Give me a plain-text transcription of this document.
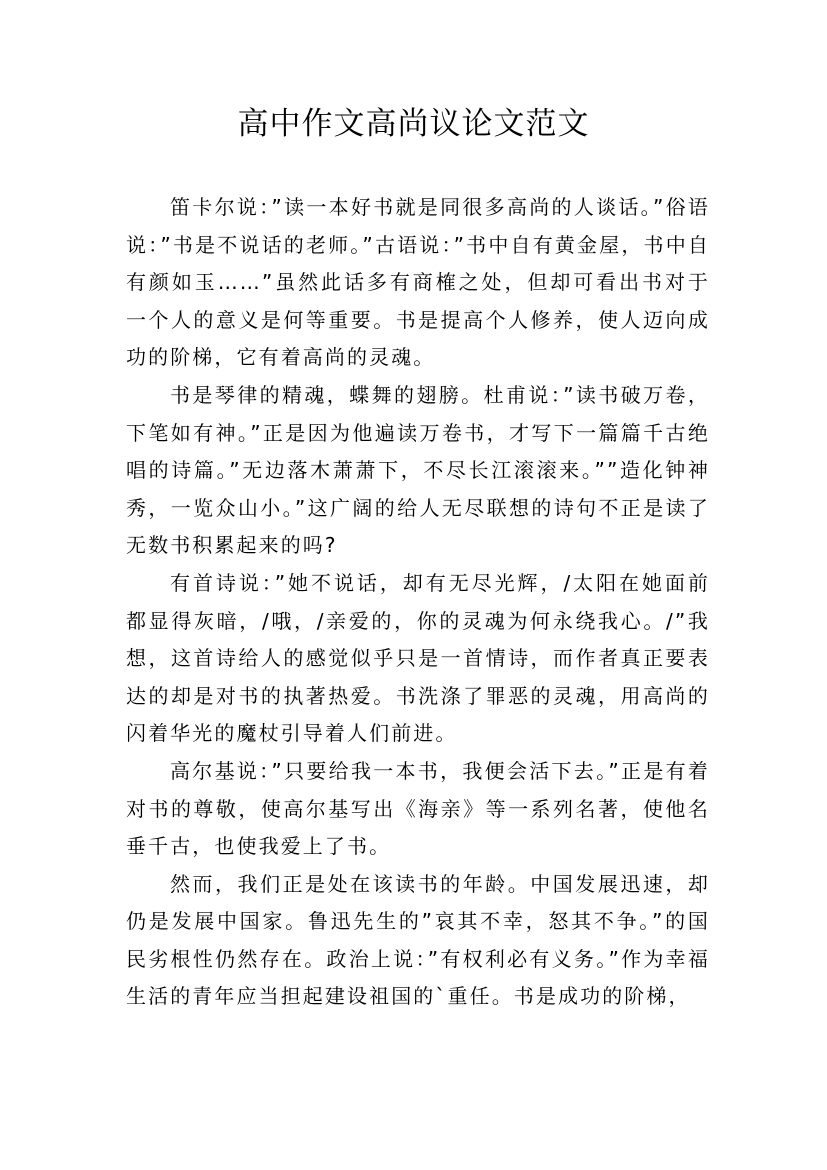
高中作文高尚议论文范文

笛卡尔说：”读一本好书就是同很多高尚的人谈话。”俗语说：”书是不说话的老师。”古语说：”书中自有黄金屋，书中自有颜如玉……”虽然此话多有商榷之处，但却可看出书对于一个人的意义是何等重要。书是提高个人修养，使人迈向成功的阶梯，它有着高尚的灵魂。

书是琴律的精魂，蝶舞的翅膀。杜甫说：”读书破万卷，下笔如有神。”正是因为他遍读万卷书，才写下一篇篇千古绝唱的诗篇。”无边落木萧萧下，不尽长江滚滚来。””造化钟神秀，一览众山小。”这广阔的给人无尽联想的诗句不正是读了无数书积累起来的吗?

有首诗说：”她不说话，却有无尽光辉，/太阳在她面前都显得灰暗，/哦，/亲爱的，你的灵魂为何永绕我心。/”我想，这首诗给人的感觉似乎只是一首情诗，而作者真正要表达的却是对书的执著热爱。书洗涤了罪恶的灵魂，用高尚的闪着华光的魔杖引导着人们前进。

高尔基说：”只要给我一本书，我便会活下去。”正是有着对书的尊敬，使高尔基写出《海亲》等一系列名著，使他名垂千古，也使我爱上了书。

然而，我们正是处在该读书的年龄。中国发展迅速，却仍是发展中国家。鲁迅先生的”哀其不幸，怒其不争。”的国民劣根性仍然存在。政治上说：”有权利必有义务。”作为幸福生活的青年应当担起建设祖国的`重任。书是成功的阶梯，
